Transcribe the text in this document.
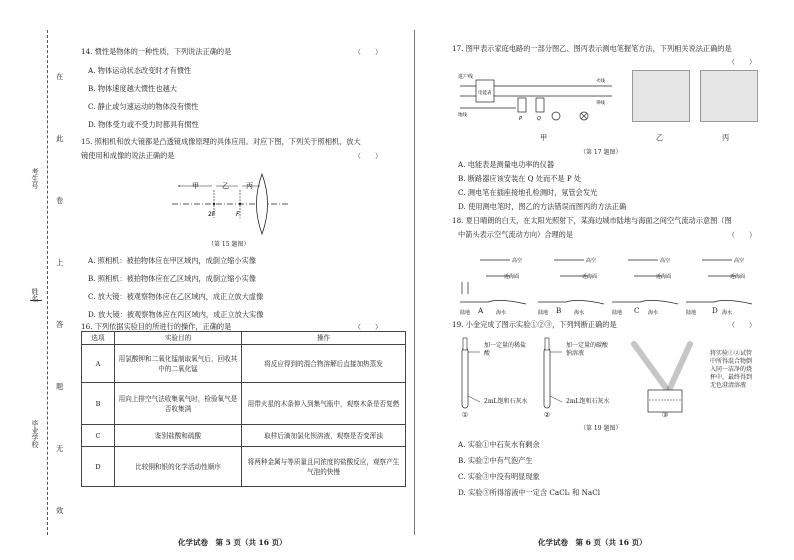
考生号
姓名
毕业学校
在
此
卷
上
答
题
无
效
14. 惯性是物体的一种性质，下列说法正确的是	（　　）
A. 物体运动状态改变时才有惯性
B. 物体速度越大惯性也越大
C. 静止或匀速运动的物体没有惯性
D. 物体受力或不受力时都具有惯性
15. 照相机和放大镜都是凸透镜成像原理的具体应用。对应下图，下列关于照相机、放大
镜使用和成像的说法正确的是	（　　）
甲	乙 丙
2F	F
（第 15 题图）
A. 照相机：被拍物体应在甲区域内，成倒立缩小实像
B. 照相机：被拍物体应在乙区域内，成倒立缩小实像
C. 放大镜：被观察物体应在乙区域内，成正立放大虚像
D. 放大镜：被观察物体应在丙区域内，成正立放大实像
16. 下列依据实验目的所进行的操作，正确的是	（　　）
选项	实验目的	操作
A	用氯酸钾和二氧化锰制取氧气后，回收其中的二氧化锰	将反应得到的混合物溶解后直接加热蒸发
B	用向上排空气法收集氧气时，检验氧气是否收集满	用带火星的木条伸入到集气瓶中，观察木条是否复燃
C	鉴别盐酸和硫酸	取样后滴加氯化钡溶液，观察是否变浑浊
D	比较铜和银的化学活动性顺序	将两种金属与等质量且同浓度的盐酸反应，观察产生气泡的快慢
化学试卷　第 5 页（共 16 页）
17. 图甲表示家庭电路的一部分图乙、图丙表示测电笔握笔方法，下列相关说法正确的是
（　　）
进户线
电能表
P	Q
地线
火线
零线
甲	乙	丙
（第 17 题图）
A. 电能表是测量电功率的仪器
B. 断路器应该安装在 Q 处而不是 P 处
C. 测电笔在插座接地孔检测时，氖管会发光
D. 使用测电笔时，图乙的方法错误而图丙的方法正确
18. 夏日晴朗的白天，在太阳光照射下，某海边城市陆地与海面之间空气流动示意图（图
中箭头表示空气流动方向）合理的是	（　　）
高空
近海面
陆地	海水
高空
近海面
陆地	海水
高空
近海面
陆地	海水
高空
近海面
陆地	海水
A	B	C	D
19. 小金完成了图示实验①②③，下列判断正确的是	（　　）
加一定量的稀盐酸
2mL饱和石灰水
加一定量的碳酸钠溶液
2mL饱和石灰水
将实验①②试管中所得混合物倒入同一洁净的烧杯中，最终得到无色澄清溶液
①	②	③
（第 19 题图）
A. 实验①中石灰水有剩余
B. 实验②中有气泡产生
C. 实验③中没有明显现象
D. 实验③所得溶液中一定含 CaCl₂ 和 NaCl
化学试卷　第 6 页（共 16 页）
